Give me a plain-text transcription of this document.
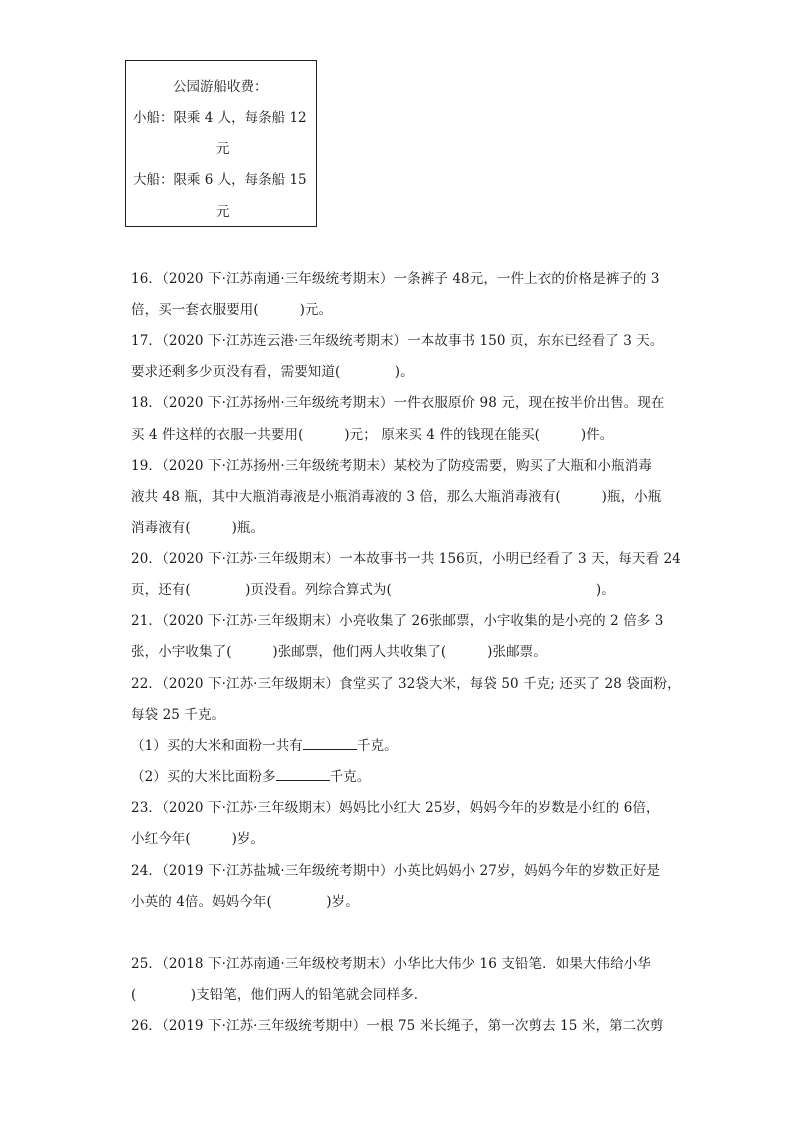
公园游船收费：
小船：限乘 4 人，每条船 12
元
大船：限乘 6 人，每条船 15
元
16．（2020 下·江苏南通·三年级统考期末）一条裤子 48元，一件上衣的价格是裤子的 3
倍，买一套衣服要用(　　　)元。
17．（2020 下·江苏连云港·三年级统考期末）一本故事书 150 页，东东已经看了 3 天。
要求还剩多少页没有看，需要知道(　　　　)。
18．（2020 下·江苏扬州·三年级统考期末）一件衣服原价 98 元，现在按半价出售。现在
买 4 件这样的衣服一共要用(　　　)元； 原来买 4 件的钱现在能买(　　　)件。
19．（2020 下·江苏扬州·三年级统考期末）某校为了防疫需要，购买了大瓶和小瓶消毒
液共 48 瓶，其中大瓶消毒液是小瓶消毒液的 3 倍，那么大瓶消毒液有(　　　)瓶，小瓶
消毒液有(　　　)瓶。
20．（2020 下·江苏·三年级期末）一本故事书一共 156页，小明已经看了 3 天，每天看 24
页，还有(　　　　)页没看。列综合算式为(　　　　　　　　　　　　　　　)。
21．（2020 下·江苏·三年级期末）小亮收集了 26张邮票，小宇收集的是小亮的 2 倍多 3
张，小宇收集了(　　　)张邮票，他们两人共收集了(　　　)张邮票。
22．（2020 下·江苏·三年级期末）食堂买了 32袋大米，每袋 50 千克; 还买了 28 袋面粉，
每袋 25 千克。
（1）买的大米和面粉一共有	千克。
（2）买的大米比面粉多	千克。
23．（2020 下·江苏·三年级期末）妈妈比小红大 25岁，妈妈今年的岁数是小红的 6倍，
小红今年(　　　)岁。
24．（2019 下·江苏盐城·三年级统考期中）小英比妈妈小 27岁，妈妈今年的岁数正好是
小英的 4倍。妈妈今年(　　　　)岁。
25．（2018 下·江苏南通·三年级校考期末）小华比大伟少 16 支铅笔．如果大伟给小华
(　　　　)支铅笔，他们两人的铅笔就会同样多．
26．（2019 下·江苏·三年级统考期中）一根 75 米长绳子，第一次剪去 15 米，第二次剪
